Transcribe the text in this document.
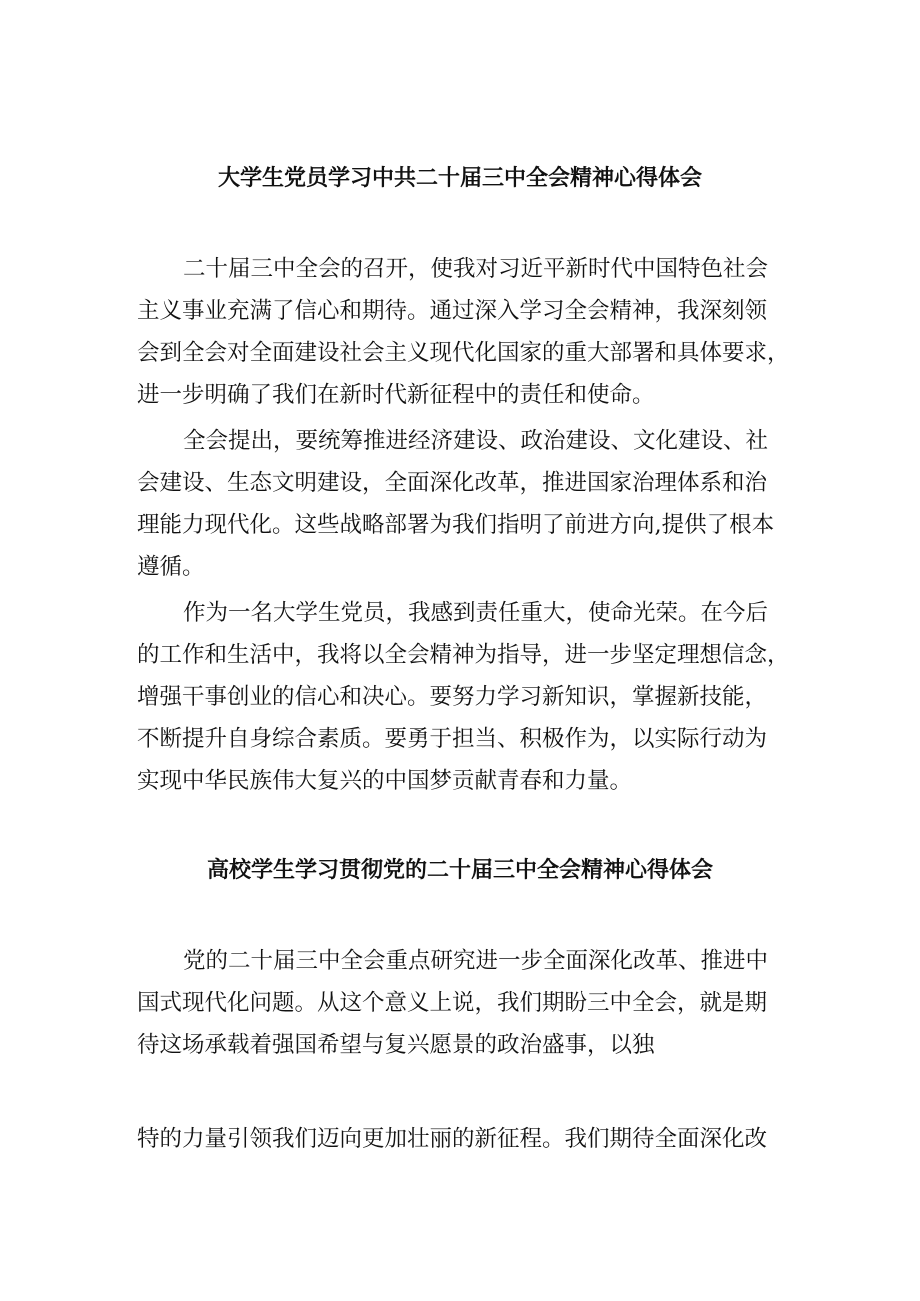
大学生党员学习中共二十届三中全会精神心得体会

二十届三中全会的召开，使我对习近平新时代中国特色社会

主义事业充满了信心和期待。通过深入学习全会精神，我深刻领

会到全会对全面建设社会主义现代化国家的重大部署和具体要求，

进一步明确了我们在新时代新征程中的责任和使命。

全会提出，要统筹推进经济建设、政治建设、文化建设、社

会建设、生态文明建设，全面深化改革，推进国家治理体系和治

理能力现代化。这些战略部署为我们指明了前进方向,提供了根本

遵循。

作为一名大学生党员，我感到责任重大，使命光荣。在今后

的工作和生活中，我将以全会精神为指导，进一步坚定理想信念，

增强干事创业的信心和决心。要努力学习新知识，掌握新技能，

不断提升自身综合素质。要勇于担当、积极作为，以实际行动为

实现中华民族伟大复兴的中国梦贡献青春和力量。

高校学生学习贯彻党的二十届三中全会精神心得体会

党的二十届三中全会重点研究进一步全面深化改革、推进中

国式现代化问题。从这个意义上说，我们期盼三中全会，就是期

待这场承载着强国希望与复兴愿景的政治盛事，以独

特的力量引领我们迈向更加壮丽的新征程。我们期待全面深化改
